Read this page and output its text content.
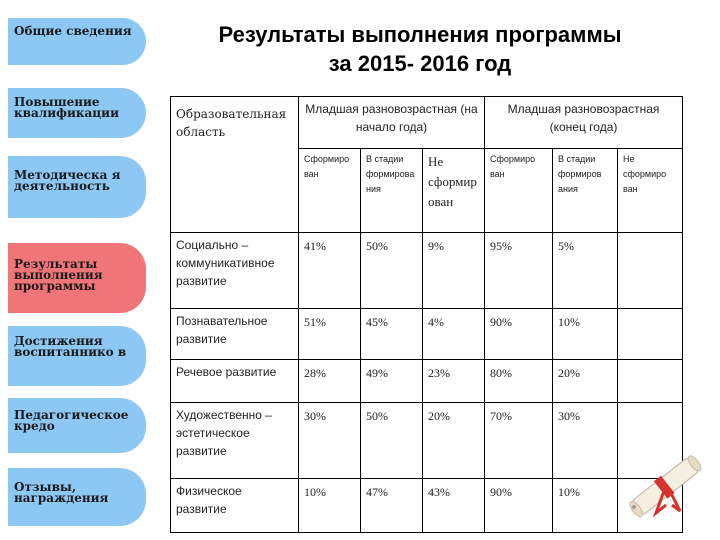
Общие сведения
Повышение квалификации
Методическа я деятельность
Результаты выполнения программы
Достижения воспитаннико в
Педагогическое кредо
Отзывы, награждения
Результаты выполнения программы
за 2015- 2016 год
Образовательная область	Младшая разновозрастная (на начало года)			Младшая разновозрастная (конец года)		
	Сформиро ван	В стадии формирова ния	Не сформир ован	Сформиро ван	В стадии формиров ания	Не сформиро ван
Социально – коммуникативное развитие	41%	50%	9%	95%	5%	
Познавательное развитие	51%	45%	4%	90%	10%	
Речевое развитие	28%	49%	23%	80%	20%	
Художественно – эстетическое развитие	30%	50%	20%	70%	30%	
Физическое развитие	10%	47%	43%	90%	10%	
